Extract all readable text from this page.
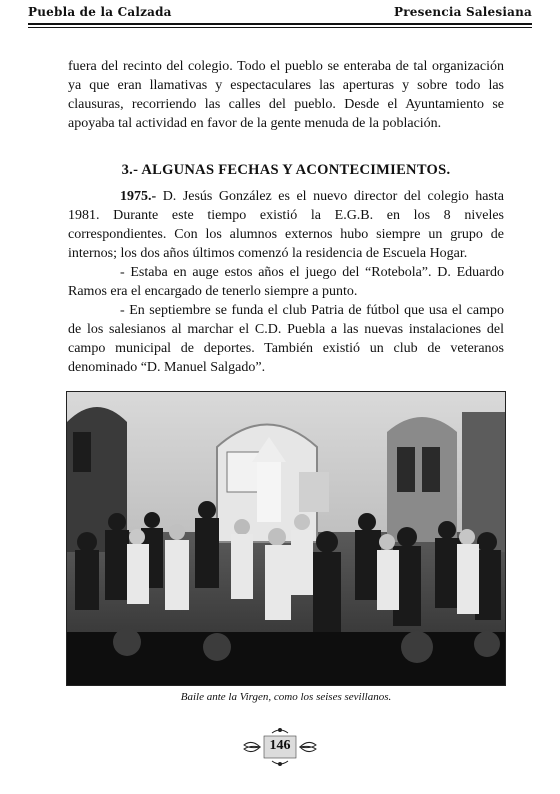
Puebla de la Calzada	Presencia Salesiana

fuera del recinto del colegio. Todo el pueblo se enteraba de tal organización ya que eran llamativas y espectaculares las aperturas y sobre todo las clausuras, recorriendo las calles del pueblo. Desde el Ayuntamiento se apoyaba tal actividad en favor de la gente menuda de la población.

3.- ALGUNAS FECHAS Y ACONTECIMIENTOS.

1975.- D. Jesús González es el nuevo director del colegio hasta 1981. Durante este tiempo existió la E.G.B. en los 8 niveles correspondientes. Con los alumnos externos hubo siempre un grupo de internos; los dos años últimos comenzó la residencia de Escuela Hogar.

- Estaba en auge estos años el juego del “Rotebola”. D. Eduardo Ramos era el encargado de tenerlo siempre a punto.

- En septiembre se funda el club Patria de fútbol que usa el campo de los salesianos al marchar el C.D. Puebla a las nuevas instalaciones del campo municipal de deportes. También existió un club de veteranos denominado “D. Manuel Salgado”.

Baile ante la Virgen, como los seises sevillanos.
146
